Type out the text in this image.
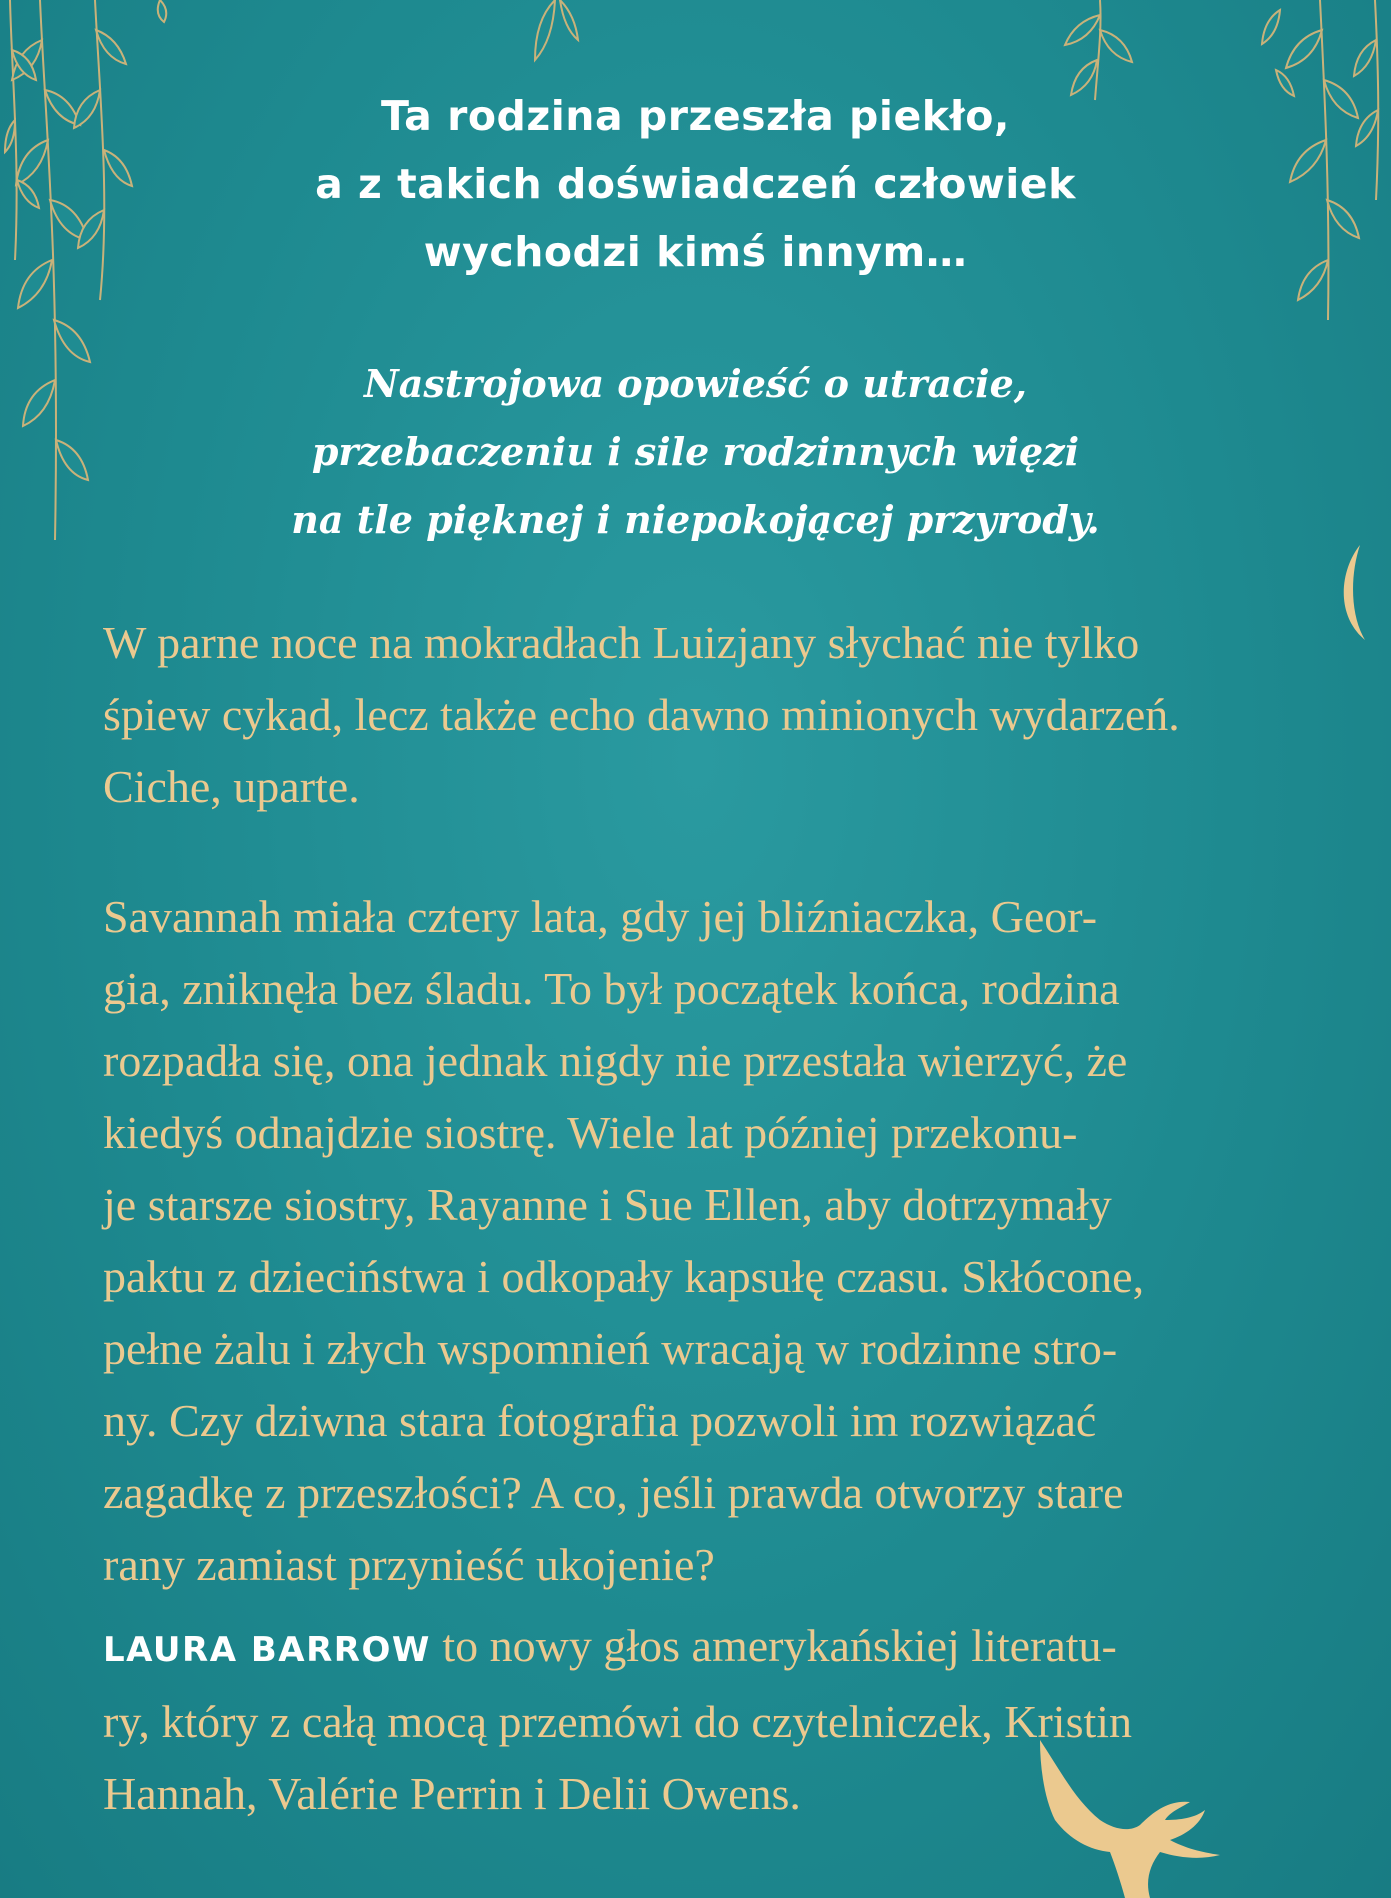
Ta rodzina przeszła piekło,
a z takich doświadczeń człowiek
wychodzi kimś innym…
Nastrojowa opowieść o utracie,
przebaczeniu i sile rodzinnych więzi
na tle pięknej i niepokojącej przyrody.
W parne noce na mokradłach Luizjany słychać nie tylko
śpiew cykad, lecz także echo dawno minionych wydarzeń.
Ciche, uparte.
Savannah miała cztery lata, gdy jej bliźniaczka, Geor-
gia, zniknęła bez śladu. To był początek końca, rodzina
rozpadła się, ona jednak nigdy nie przestała wierzyć, że
kiedyś odnajdzie siostrę. Wiele lat później przekonu-
je starsze siostry, Rayanne i Sue Ellen, aby dotrzymały
paktu z dzieciństwa i odkopały kapsułę czasu. Skłócone,
pełne żalu i złych wspomnień wracają w rodzinne stro-
ny. Czy dziwna stara fotografia pozwoli im rozwiązać
zagadkę z przeszłości? A co, jeśli prawda otworzy stare
rany zamiast przynieść ukojenie?
LAURA BARROW to nowy głos amerykańskiej literatu-
ry, który z całą mocą przemówi do czytelniczek, Kristin
Hannah, Valérie Perrin i Delii Owens.
